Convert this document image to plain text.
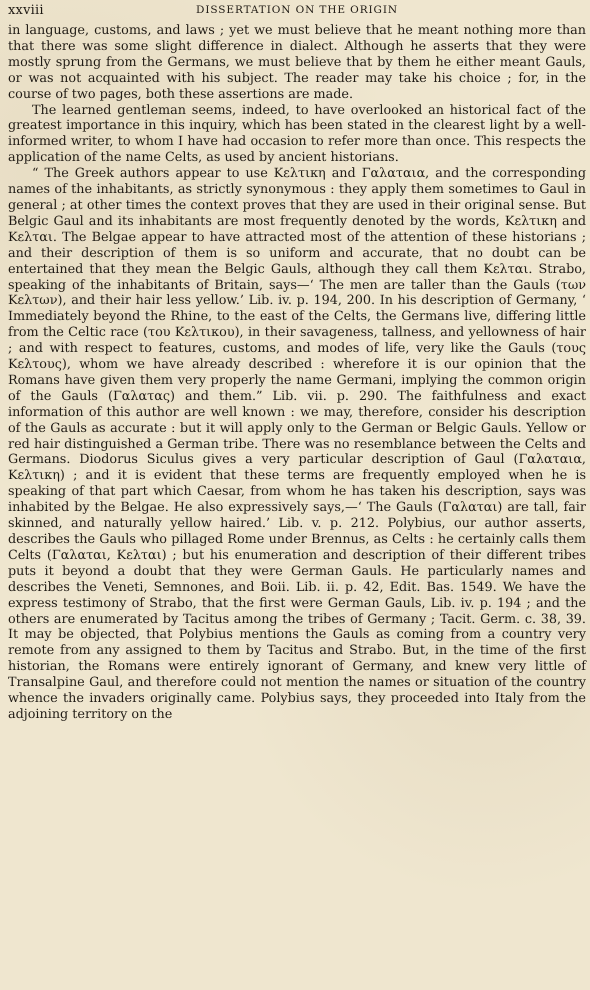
xxviii	DISSERTATION ON THE ORIGIN

in language, customs, and laws ; yet we must believe that he meant nothing more than that there was some slight difference in dialect. Although he asserts that they were mostly sprung from the Germans, we must believe that by them he either meant Gauls, or was not acquainted with his subject. The reader may take his choice ; for, in the course of two pages, both these assertions are made.

The learned gentleman seems, indeed, to have overlooked an historical fact of the greatest importance in this inquiry, which has been stated in the clearest light by a well-informed writer, to whom I have had occasion to refer more than once. This respects the application of the name Celts, as used by ancient historians.

“ The Greek authors appear to use Κελτικη and Γαλαταια, and the corresponding names of the inhabitants, as strictly synonymous : they apply them sometimes to Gaul in general ; at other times the context proves that they are used in their original sense. But Belgic Gaul and its inhabitants are most frequently denoted by the words, Κελτικη and Κελται. The Belgae appear to have attracted most of the attention of these historians ; and their description of them is so uniform and accurate, that no doubt can be entertained that they mean the Belgic Gauls, although they call them Κελται. Strabo, speaking of the inhabitants of Britain, says—‘ The men are taller than the Gauls (των Κελτων), and their hair less yellow.’ Lib. iv. p. 194, 200. In his description of Germany, ‘ Immediately beyond the Rhine, to the east of the Celts, the Germans live, differing little from the Celtic race (του Κελτικου), in their savageness, tallness, and yellowness of hair ; and with respect to features, customs, and modes of life, very like the Gauls (τους Κελτους), whom we have already described : wherefore it is our opinion that the Romans have given them very properly the name Germani, implying the common origin of the Gauls (Γαλατας) and them.” Lib. vii. p. 290. The faithfulness and exact information of this author are well known : we may, therefore, consider his description of the Gauls as accurate : but it will apply only to the German or Belgic Gauls. Yellow or red hair distinguished a German tribe. There was no resemblance between the Celts and Germans. Diodorus Siculus gives a very particular description of Gaul (Γαλαταια, Κελτικη) ; and it is evident that these terms are frequently employed when he is speaking of that part which Caesar, from whom he has taken his description, says was inhabited by the Belgae. He also expressively says,—‘ The Gauls (Γαλαται) are tall, fair skinned, and naturally yellow haired.’ Lib. v. p. 212. Polybius, our author asserts, describes the Gauls who pillaged Rome under Brennus, as Celts : he certainly calls them Celts (Γαλαται, Κελται) ; but his enumeration and description of their different tribes puts it beyond a doubt that they were German Gauls. He particularly names and describes the Veneti, Semnones, and Boii. Lib. ii. p. 42, Edit. Bas. 1549. We have the express testimony of Strabo, that the first were German Gauls, Lib. iv. p. 194 ; and the others are enumerated by Tacitus among the tribes of Germany ; Tacit. Germ. c. 38, 39. It may be objected, that Polybius mentions the Gauls as coming from a country very remote from any assigned to them by Tacitus and Strabo. But, in the time of the first historian, the Romans were entirely ignorant of Germany, and knew very little of Transalpine Gaul, and therefore could not mention the names or situation of the country whence the invaders originally came. Polybius says, they proceeded into Italy from the adjoining territory on the
